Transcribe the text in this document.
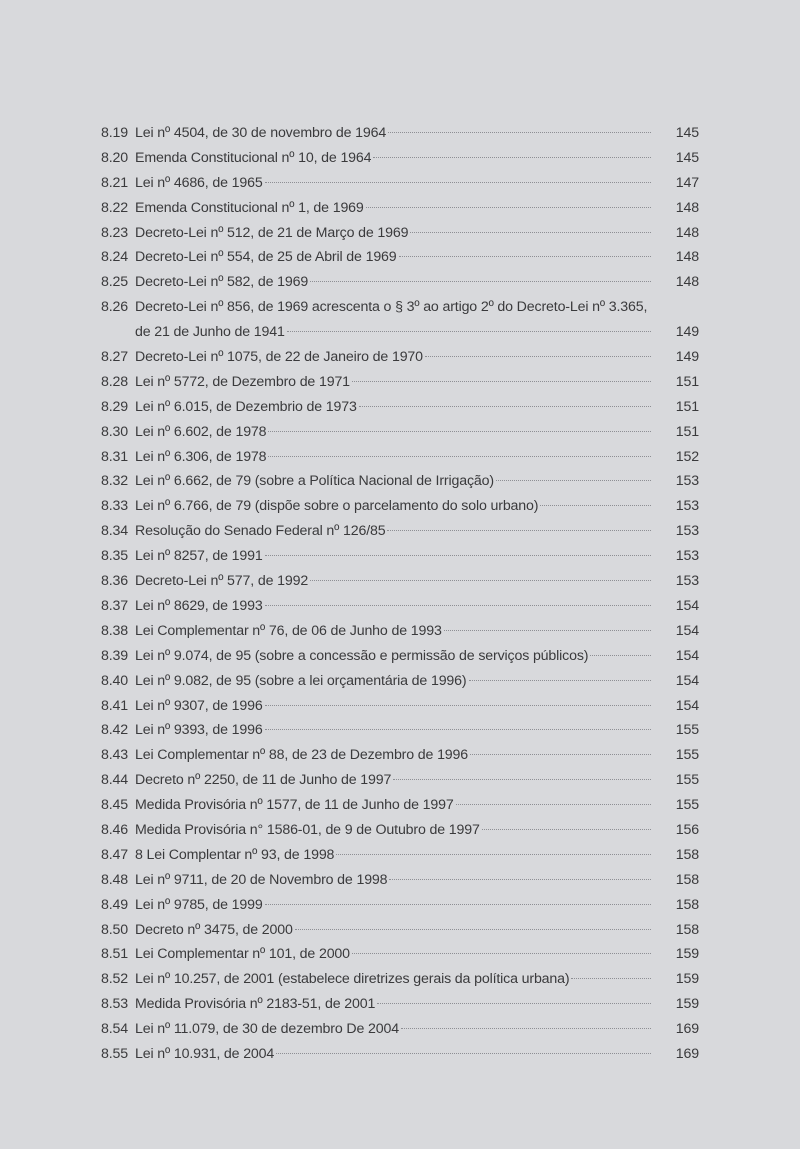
8.19 Lei nº 4504, de 30 de novembro de 1964	145
8.20 Emenda Constitucional nº 10, de 1964	145
8.21 Lei nº 4686, de 1965	147
8.22 Emenda Constitucional nº 1, de 1969	148
8.23 Decreto-Lei nº 512, de 21 de Março de 1969	148
8.24 Decreto-Lei nº 554, de 25 de Abril de 1969	148
8.25 Decreto-Lei nº 582, de 1969	148
8.26 Decreto-Lei nº 856, de 1969 acrescenta o § 3º ao artigo 2º do Decreto-Lei nº 3.365,
de 21 de Junho de 1941	149
8.27 Decreto-Lei nº 1075, de 22 de Janeiro de 1970	149
8.28 Lei nº 5772, de Dezembro de 1971	151
8.29 Lei nº 6.015, de Dezembrio de 1973	151
8.30 Lei nº 6.602, de 1978	151
8.31 Lei nº 6.306, de 1978	152
8.32 Lei nº 6.662, de 79 (sobre a Política Nacional de Irrigação)	153
8.33 Lei nº 6.766, de 79 (dispõe sobre o parcelamento do solo urbano)	153
8.34 Resolução do Senado Federal nº 126/85	153
8.35 Lei nº 8257, de 1991	153
8.36 Decreto-Lei nº 577, de 1992	153
8.37 Lei nº 8629, de 1993	154
8.38 Lei Complementar nº 76, de 06 de Junho de 1993	154
8.39 Lei nº 9.074, de 95 (sobre a concessão e permissão de serviços públicos)	154
8.40 Lei nº 9.082, de 95 (sobre a lei orçamentária de 1996)	154
8.41 Lei nº 9307, de 1996	154
8.42 Lei nº 9393, de 1996	155
8.43 Lei Complementar nº 88, de 23 de Dezembro de 1996	155
8.44 Decreto nº 2250, de 11 de Junho de 1997	155
8.45 Medida Provisória nº 1577, de 11 de Junho de 1997	155
8.46 Medida Provisória n° 1586-01, de 9 de Outubro de 1997	156
8.47 8 Lei Complentar nº 93, de 1998	158
8.48 Lei nº 9711, de 20 de Novembro de 1998	158
8.49 Lei nº 9785, de 1999	158
8.50 Decreto nº 3475, de 2000	158
8.51 Lei Complementar nº 101, de 2000	159
8.52 Lei nº 10.257, de 2001 (estabelece diretrizes gerais da política urbana)	159
8.53 Medida Provisória nº 2183-51, de 2001	159
8.54 Lei nº 11.079, de 30 de dezembro De 2004	169
8.55 Lei nº 10.931, de 2004	169
